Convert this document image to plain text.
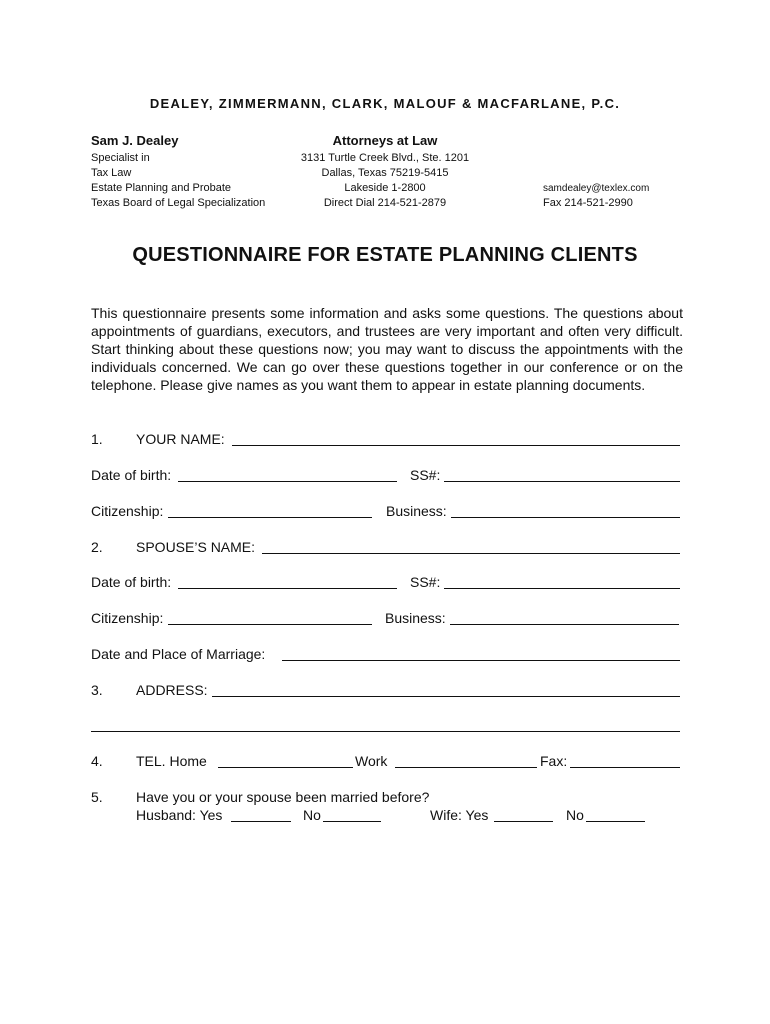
DEALEY, ZIMMERMANN, CLARK, MALOUF & MACFARLANE, P.C.
Sam J. Dealey
Specialist in
Tax Law
Estate Planning and Probate
Texas Board of Legal Specialization
Attorneys at Law
3131 Turtle Creek Blvd., Ste. 1201
Dallas, Texas 75219-5415
Lakeside 1-2800
Direct Dial 214-521-2879
samdealey@texlex.com
Fax 214-521-2990
QUESTIONNAIRE FOR ESTATE PLANNING CLIENTS
This questionnaire presents some information and asks some questions. The questions about appointments of guardians, executors, and trustees are very important and often very difficult. Start thinking about these questions now; you may want to discuss the appointments with the individuals concerned. We can go over these questions together in our conference or on the telephone. Please give names as you want them to appear in estate planning documents.
1. YOUR NAME:
Date of birth:	SS#:
Citizenship:	Business:
2. SPOUSE’S NAME:
Date of birth:	SS#:
Citizenship:	Business:
Date and Place of Marriage:
3. ADDRESS:
4. TEL. Home	Work	Fax:
5. Have you or your spouse been married before?
Husband: Yes	No	Wife: Yes	No
